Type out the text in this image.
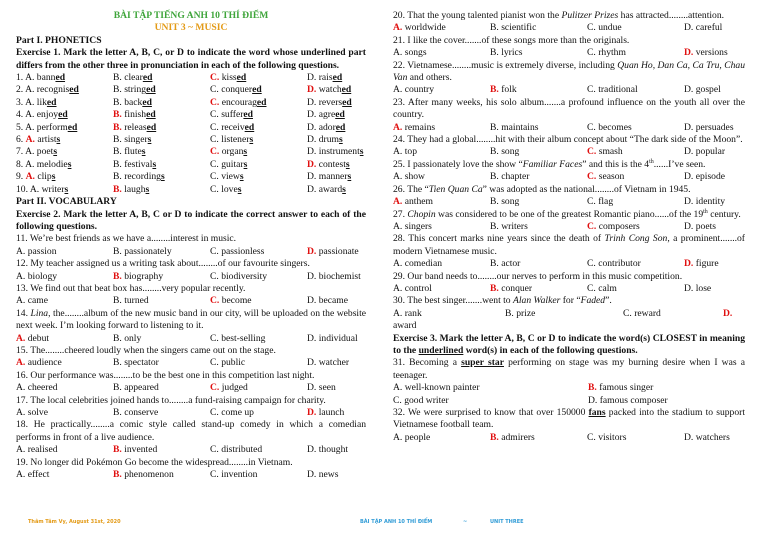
BÀI TẬP TIẾNG ANH 10 THÍ ĐIỂM
UNIT 3 ~ MUSIC
Part I. PHONETICS
Exercise 1. Mark the letter A, B, C, or D to indicate the word whose underlined part differs from the other three in pronunciation in each of the following questions.
1. A. banned	B. cleared	C. kissed	D. raised
2. A. recognised	B. stringed	C. conquered	D. watched
3. A. liked	B. backed	C. encouraged	D. reversed
4. A. enjoyed	B. finished	C. suffered	D. agreed
5. A. performed	B. released	C. received	D. adored
6. A. artists	B. singers	C. listeners	D. drums
7. A. poets	B. flutes	C. organs	D. instruments
8. A. melodies	B. festivals	C. guitars	D. contests
9. A. clips	B. recordings	C. views	D. manners
10. A. writers	B. laughs	C. loves	D. awards
Part II. VOCABULARY
Exercise 2. Mark the letter A, B, C or D to indicate the correct answer to each of the following questions.
11. We’re best friends as we have a........interest in music.
A. passion	B. passionately	C. passionless	D. passionate
12. My teacher assigned us a writing task about........of our favourite singers.
A. biology	B. biography	C. biodiversity	D. biochemist
13. We find out that beat box has........very popular recently.
A. came	B. turned	C. become	D. became
14. Lina, the........album of the new music band in our city, will be uploaded on the website next week. I’m looking forward to listening to it.
A. debut	B. only	C. best-selling	D. individual
15. The........cheered loudly when the singers came out on the stage.
A. audience	B. spectator	C. public	D. watcher
16. Our performance was........to be the best one in this competition last night.
A. cheered	B. appeared	C. judged	D. seen
17. The local celebrities joined hands to........a fund-raising campaign for charity.
A. solve	B. conserve	C. come up	D. launch
18. He practically........a comic style called stand-up comedy in which a comedian performs in front of a live audience.
A. realised	B. invented	C. distributed	D. thought
19. No longer did Pokémon Go become the widespread........in Vietnam.
A. effect	B. phenomenon	C. invention	D. news
20. That the young talented pianist won the Pulitzer Prizes has attracted........attention.
A. worldwide	B. scientific	C. undue	D. careful
21. I like the cover.......of these songs more than the originals.
A. songs	B. lyrics	C. rhythm	D. versions
22. Vietnamese........music is extremely diverse, including Quan Ho, Dan Ca, Ca Tru, Chau Van and others.
A. country	B. folk	C. traditional	D. gospel
23. After many weeks, his solo album.......a profound influence on the youth all over the country.
A. remains	B. maintains	C. becomes	D. persuades
24. They had a global........hit with their album concept about “The dark side of the Moon”.
A. top	B. song	C. smash	D. popular
25. I passionately love the show “Familiar Faces” and this is the 4th......I’ve seen.
A. show	B. chapter	C. season	D. episode
26. The “Tien Quan Ca” was adopted as the national........of Vietnam in 1945.
A. anthem	B. song	C. flag	D. identity
27. Chopin was considered to be one of the greatest Romantic piano......of the 19th century.
A. singers	B. writers	C. composers	D. poets
28. This concert marks nine years since the death of Trinh Cong Son, a prominent.......of modern Vietnamese music.
A. comedian	B. actor	C. contributor	D. figure
29. Our band needs to........our nerves to perform in this music competition.
A. control	B. conquer	C. calm	D. lose
30. The best singer.......went to Alan Walker for “Faded”.
A. rank	B. prize	C. reward	D.
award
Exercise 3. Mark the letter A, B, C or D to indicate the word(s) CLOSEST in meaning to the underlined word(s) in each of the following questions.
31. Becoming a super star performing on stage was my burning desire when I was a teenager.
A. well-known painter	B. famous singer
C. good writer	D. famous composer
32. We were surprised to know that over 150000 fans packed into the stadium to support Vietnamese football team.
A. people	B. admirers	C. visitors	D. watchers
Thâm Tâm Vy, August 31st, 2020	BÀI TẬP ANH 10 THÍ ĐIỂM	~	UNIT THREE
